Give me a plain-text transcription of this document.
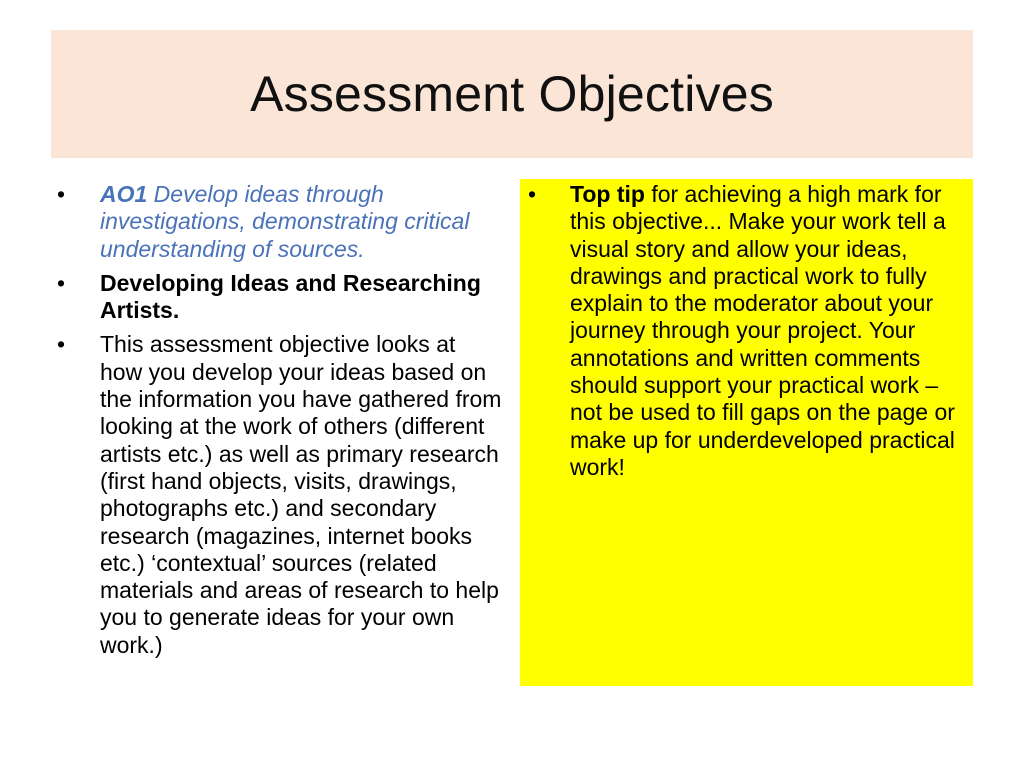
Assessment Objectives
• AO1 Develop ideas through investigations, demonstrating critical understanding of sources.
• Developing Ideas and Researching Artists.
• This assessment objective looks at how you develop your ideas based on the information you have gathered from looking at the work of others (different artists etc.) as well as primary research (first hand objects, visits, drawings, photographs etc.) and secondary research (magazines, internet books etc.) ‘contextual’ sources (related materials and areas of research to help you to generate ideas for your own work.)
• Top tip for achieving a high mark for this objective... Make your work tell a visual story and allow your ideas, drawings and practical work to fully explain to the moderator about your journey through your project. Your annotations and written comments should support your practical work – not be used to fill gaps on the page or make up for underdeveloped practical work!
